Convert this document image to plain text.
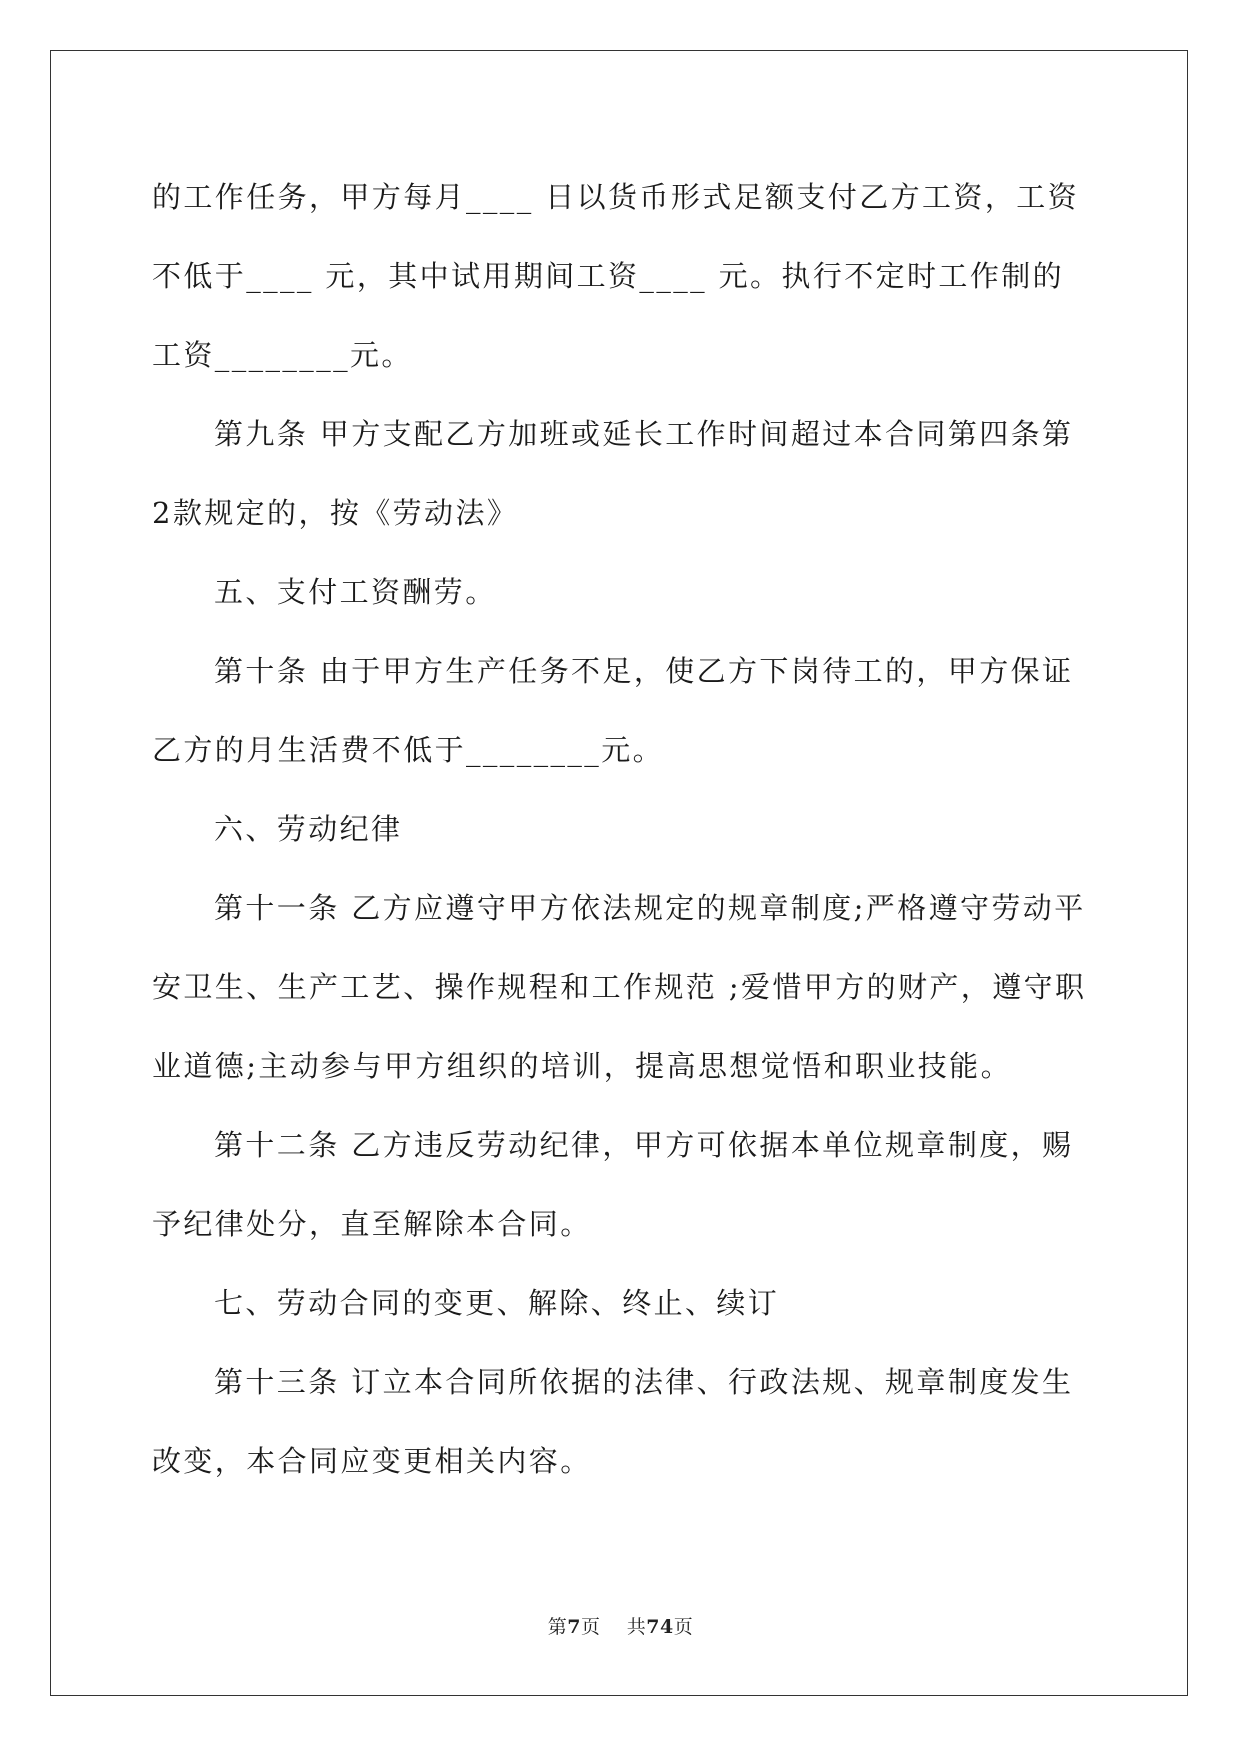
的工作任务，甲方每月____ 日以货币形式足额支付乙方工资，工资不低于____ 元，其中试用期间工资____ 元。执行不定时工作制的工资________元。

第九条 甲方支配乙方加班或延长工作时间超过本合同第四条第2款规定的，按《劳动法》

五、支付工资酬劳。

第十条 由于甲方生产任务不足，使乙方下岗待工的，甲方保证乙方的月生活费不低于________元。

六、劳动纪律

第十一条 乙方应遵守甲方依法规定的规章制度;严格遵守劳动平安卫生、生产工艺、操作规程和工作规范 ;爱惜甲方的财产，遵守职业道德;主动参与甲方组织的培训，提高思想觉悟和职业技能。

第十二条 乙方违反劳动纪律，甲方可依据本单位规章制度，赐予纪律处分，直至解除本合同。

七、劳动合同的变更、解除、终止、续订

第十三条 订立本合同所依据的法律、行政法规、规章制度发生改变，本合同应变更相关内容。

第7页 共74页
